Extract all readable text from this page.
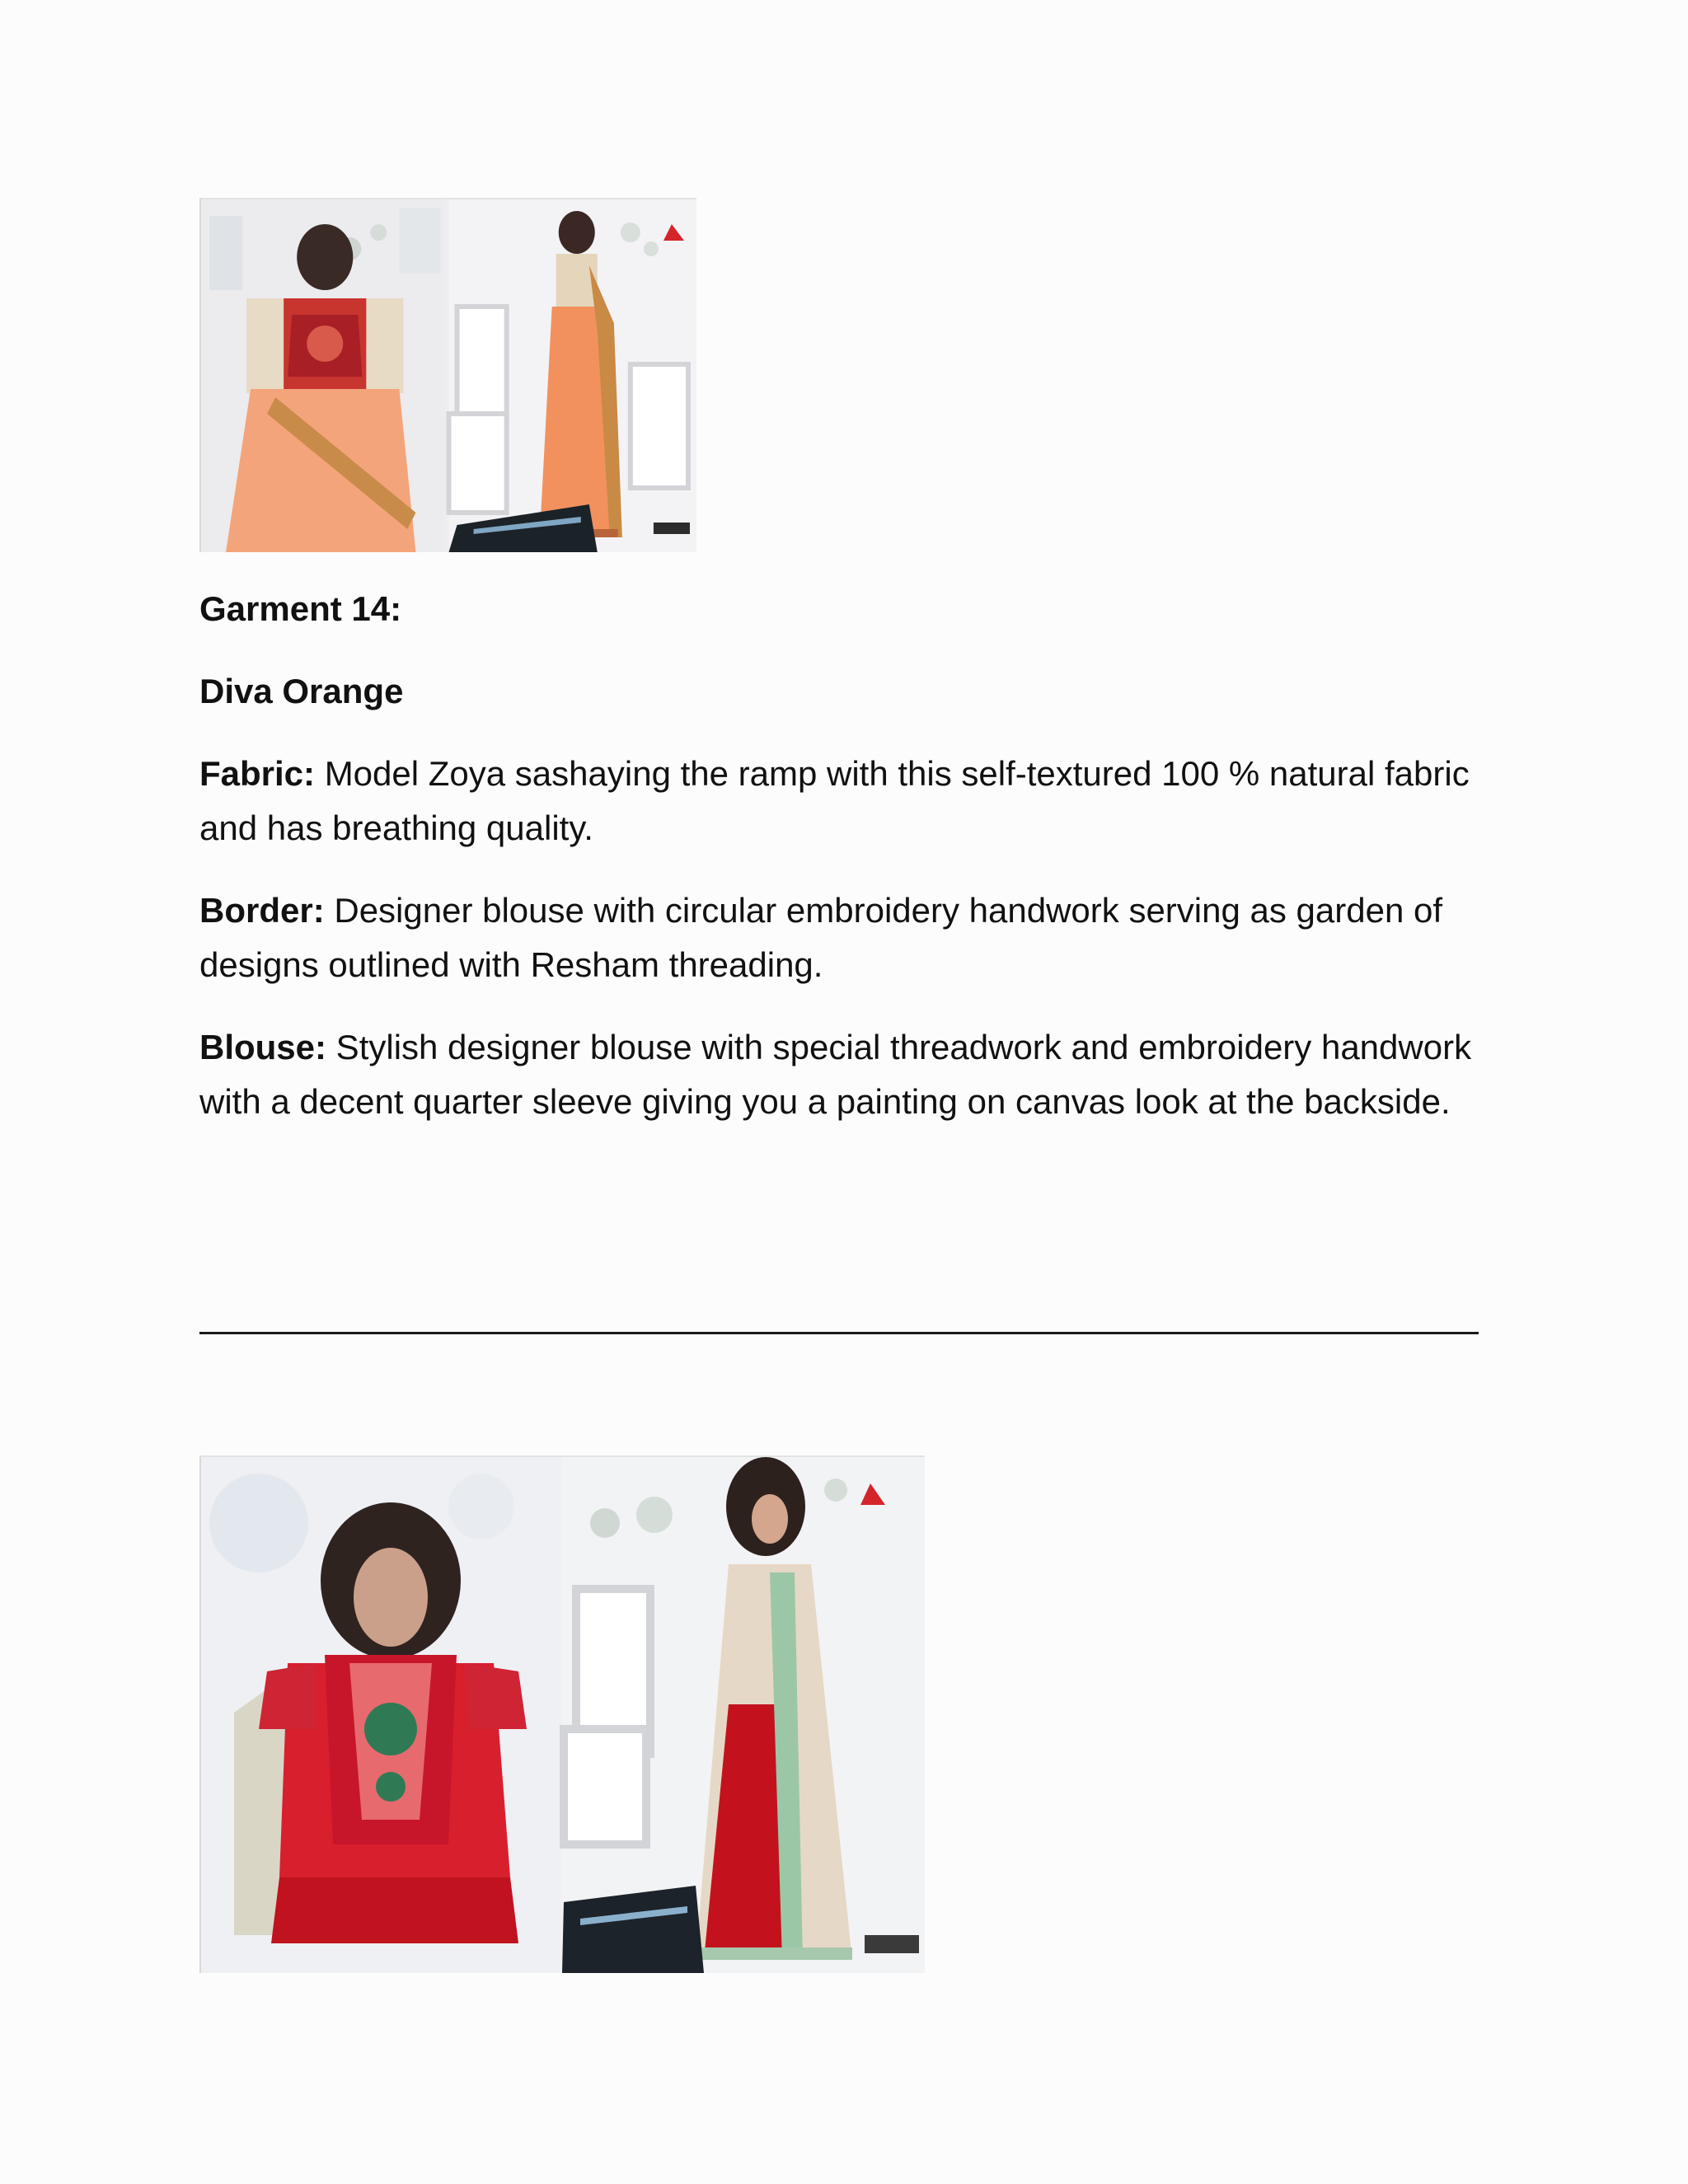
Garment 14:
Diva Orange
Fabric: Model Zoya sashaying the ramp with this self-textured 100 % natural fabric and has breathing quality.
Border: Designer blouse with circular embroidery handwork serving as garden of designs outlined with Resham threading.
Blouse: Stylish designer blouse with special threadwork and embroidery handwork with a decent quarter sleeve giving you a painting on canvas look at the backside.
